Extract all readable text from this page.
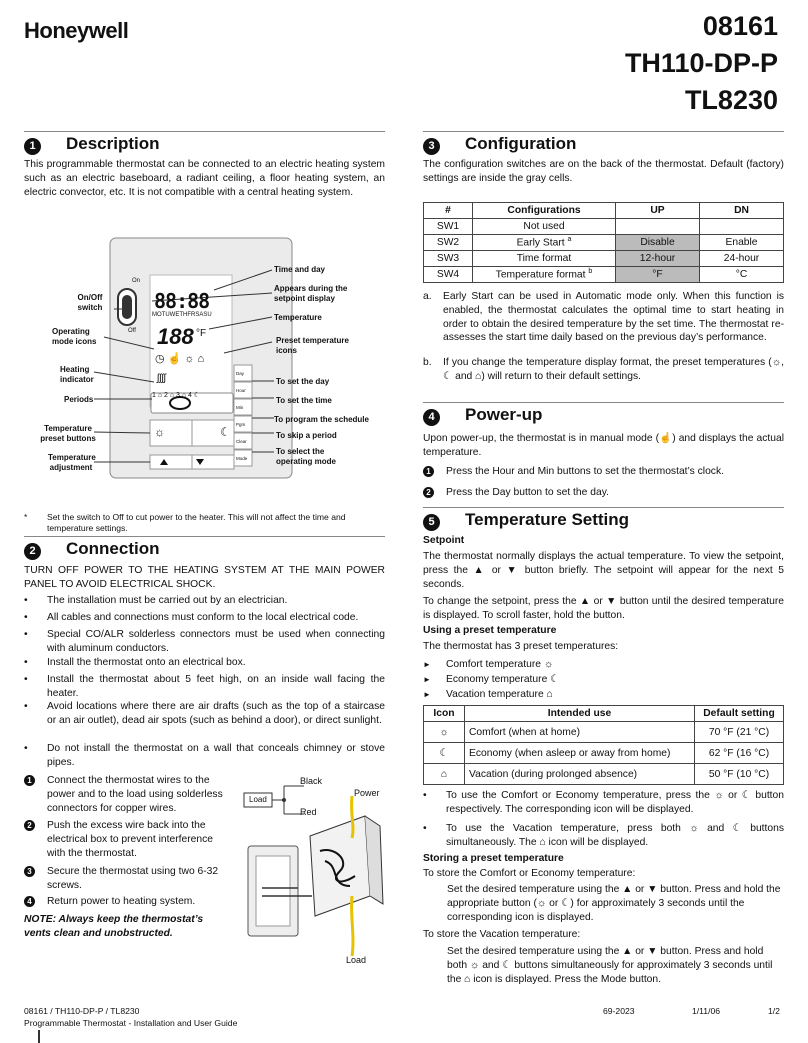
Honeywell	08161
TH110-DP-P
TL8230
1	Description
This programmable thermostat can be connected to an electric heating system such as an electric baseboard, a radiant ceiling, a floor heating system, an electric convector, etc. It is not compatible with a central heating system.
On
Off
88:88
MOTUWETHFRSASU
188 °F
◷ ☝ ☼ ⌂
ʃʃʃʃ
1 ⌂ 2 ⌂ 3 ⌂ 4 ☾
☼	☾
Day
Hour
Min
Pgm
Clear
Mode
On/Off switch
Operating mode icons
Heating indicator
Periods
Temperature preset buttons
Temperature adjustment
Time and day
Appears during the setpoint display
Temperature
Preset temperature icons
To set the day
To set the time
To program the schedule
To skip a period
To select the operating mode
* Set the switch to Off to cut power to the heater. This will not affect the time and temperature settings.
2	Connection
TURN OFF POWER TO THE HEATING SYSTEM AT THE MAIN POWER PANEL TO AVOID ELECTRICAL SHOCK.
• The installation must be carried out by an electrician.
• All cables and connections must conform to the local electrical code.
• Special CO/ALR solderless connectors must be used when connecting with aluminum conductors.
• Install the thermostat onto an electrical box.
• Install the thermostat about 5 feet high, on an inside wall facing the heater.
• Avoid locations where there are air drafts (such as the top of a staircase or an air outlet), dead air spots (such as behind a door), or direct sunlight.
• Do not install the thermostat on a wall that conceals chimney or stove pipes.
1	Connect the thermostat wires to the power and to the load using solderless connectors for copper wires.
2	Push the excess wire back into the electrical box to prevent interference with the thermostat.
3	Secure the thermostat using two 6-32 screws.
4	Return power to heating system.
NOTE: Always keep the thermostat’s vents clean and unobstructed.
Black
Red
Load
Power
Load
3	Configuration
The configuration switches are on the back of the thermostat. Default (factory) settings are inside the gray cells.
#	Configurations	UP	DN
SW1	Not used		
SW2	Early Start $^a$	Disable	Enable
SW3	Time format	12-hour	24-hour
SW4	Temperature format $^b$	°F	°C
a. Early Start can be used in Automatic mode only. When this function is enabled, the thermostat calculates the optimal time to start heating in order to obtain the desired temperature by the set time. The thermostat re-assesses the start time daily based on the previous day’s performance.
b. If you change the temperature display format, the preset temperatures (☼, ☾ and ⌂) will return to their default settings.
4	Power-up
Upon power-up, the thermostat is in manual mode (☝) and displays the actual temperature.
1	Press the Hour and Min buttons to set the thermostat’s clock.
2	Press the Day button to set the day.
5	Temperature Setting
Setpoint
The thermostat normally displays the actual temperature. To view the setpoint, press the ▲ or ▼ button briefly. The setpoint will appear for the next 5 seconds.
To change the setpoint, press the ▲ or ▼ button until the desired temperature is displayed. To scroll faster, hold the button.
Using a preset temperature
The thermostat has 3 preset temperatures:
► Comfort temperature ☼
► Economy temperature ☾
► Vacation temperature ⌂
Icon	Intended use	Default setting
☼	Comfort (when at home)	70 °F (21 °C)
☾	Economy (when asleep or away from home)	62 °F (16 °C)
⌂	Vacation (during prolonged absence)	50 °F (10 °C)
• To use the Comfort or Economy temperature, press the ☼ or ☾ button respectively. The corresponding icon will be displayed.
• To use the Vacation temperature, press both ☼ and ☾ buttons simultaneously. The ⌂ icon will be displayed.
Storing a preset temperature
To store the Comfort or Economy temperature:
Set the desired temperature using the ▲ or ▼ button. Press and hold the appropriate button (☼ or ☾) for approximately 3 seconds until the corresponding icon is displayed.
To store the Vacation temperature:
Set the desired temperature using the ▲ or ▼ button. Press and hold both ☼ and ☾ buttons simultaneously for approximately 3 seconds until the ⌂ icon is displayed. Press the Mode button.
08161 / TH110-DP-P / TL8230
Programmable Thermostat - Installation and User Guide
69-2023	1/11/06	1/2
